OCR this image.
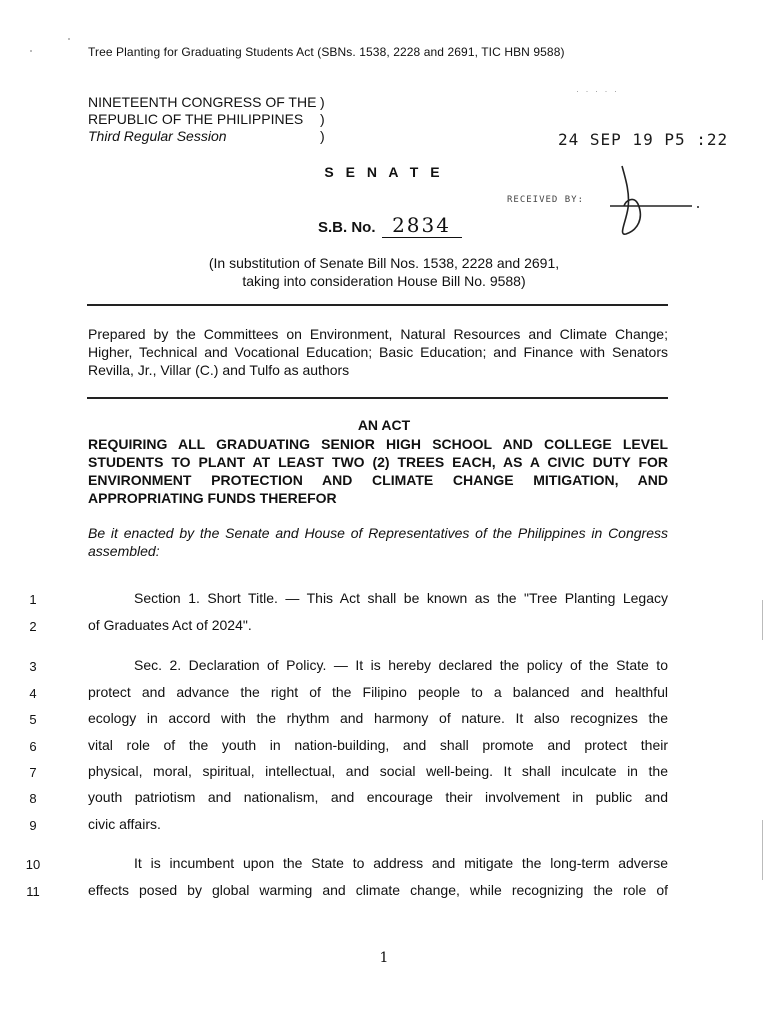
Tree Planting for Graduating Students Act (SBNs. 1538, 2228 and 2691, TIC HBN 9588)
· · · · ·
NINETEENTH CONGRESS OF THE )
REPUBLIC OF THE PHILIPPINES )
Third Regular Session	)	24 SEP 19 P5 :22
S E N A T E
RECEIVED BY:
S.B. No. 2834
(In substitution of Senate Bill Nos. 1538, 2228 and 2691,
taking into consideration House Bill No. 9588)
Prepared by the Committees on Environment, Natural Resources and Climate Change; Higher, Technical and Vocational Education; Basic Education; and Finance with Senators Revilla, Jr., Villar (C.) and Tulfo as authors
AN ACT
REQUIRING ALL GRADUATING SENIOR HIGH SCHOOL AND COLLEGE LEVEL STUDENTS TO PLANT AT LEAST TWO (2) TREES EACH, AS A CIVIC DUTY FOR ENVIRONMENT PROTECTION AND CLIMATE CHANGE MITIGATION, AND APPROPRIATING FUNDS THEREFOR
Be it enacted by the Senate and House of Representatives of the Philippines in Congress assembled:
1	Section 1. Short Title. — This Act shall be known as the "Tree Planting Legacy
2	of Graduates Act of 2024".
3	Sec. 2. Declaration of Policy. — It is hereby declared the policy of the State to
4	protect and advance the right of the Filipino people to a balanced and healthful
5	ecology in accord with the rhythm and harmony of nature. It also recognizes the
6	vital role of the youth in nation-building, and shall promote and protect their
7	physical, moral, spiritual, intellectual, and social well-being. It shall inculcate in the
8	youth patriotism and nationalism, and encourage their involvement in public and
9	civic affairs.
10	It is incumbent upon the State to address and mitigate the long-term adverse
11	effects posed by global warming and climate change, while recognizing the role of
1
